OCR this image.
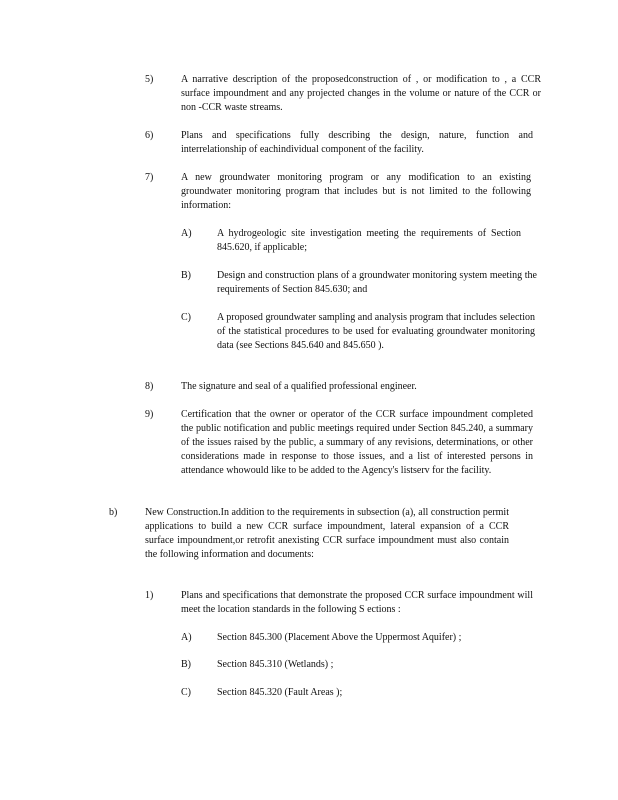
5)	A narrative description of the proposedconstruction of , or modification to , a CCR surface impoundment and any projected changes in the volume or nature of the CCR or non -CCR waste streams.
6)	Plans and specifications fully describing the design, nature, function and interrelationship of eachindividual component of the facility.
7)	A new groundwater monitoring program or any modification to an existing groundwater monitoring program that includes but is not limited to the following information:
A)	A hydrogeologic site investigation meeting the requirements of Section 845.620, if applicable;
B)	Design and construction plans of a groundwater monitoring system meeting the requirements of Section 845.630; and
C)	A proposed groundwater sampling and analysis program that includes selection of the statistical procedures to be used for evaluating groundwater monitoring data (see Sections 845.640 and 845.650 ).
8)	The signature and seal of a qualified professional engineer.
9)	Certification that the owner or operator of the CCR surface impoundment completed the public notification and public meetings required under Section 845.240, a summary of the issues raised by the public, a summary of any revisions, determinations, or other considerations made in response to those issues, and a list of interested persons in attendance whowould like to be added to the Agency's listserv for the facility.
b)	New Construction.In addition to the requirements in subsection (a), all construction permit applications to build a new CCR surface impoundment, lateral expansion of a CCR surface impoundment,or retrofit anexisting CCR surface impoundment must also contain the following information and documents:
1)	Plans and specifications that demonstrate the proposed CCR surface impoundment will meet the location standards in the following S ections :
A)	Section 845.300 (Placement Above the Uppermost Aquifer) ;
B)	Section 845.310 (Wetlands) ;
C)	Section 845.320 (Fault Areas );
